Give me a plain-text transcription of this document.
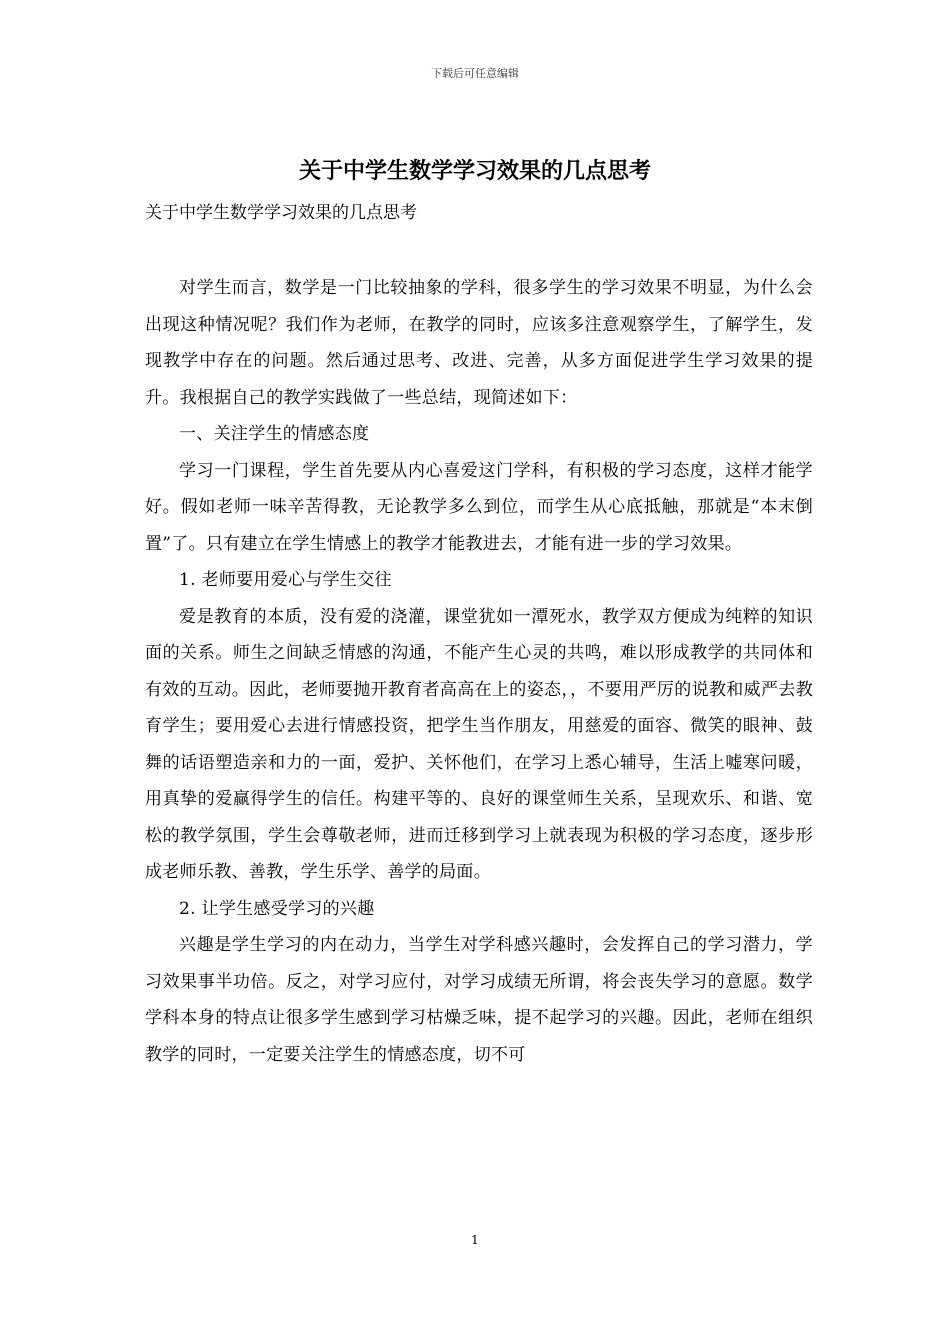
下载后可任意编辑
关于中学生数学学习效果的几点思考

关于中学生数学学习效果的几点思考

对学生而言，数学是一门比较抽象的学科，很多学生的学习效果不明显，为什么会出现这种情况呢？我们作为老师，在教学的同时，应该多注意观察学生，了解学生，发现教学中存在的问题。然后通过思考、改进、完善，从多方面促进学生学习效果的提升。我根据自己的教学实践做了一些总结，现简述如下：

一、关注学生的情感态度

学习一门课程，学生首先要从内心喜爱这门学科，有积极的学习态度，这样才能学好。假如老师一味辛苦得教，无论教学多么到位，而学生从心底抵触，那就是“本末倒置”了。只有建立在学生情感上的教学才能教进去，才能有进一步的学习效果。

1. 老师要用爱心与学生交往

爱是教育的本质，没有爱的浇灌，课堂犹如一潭死水，教学双方便成为纯粹的知识面的关系。师生之间缺乏情感的沟通，不能产生心灵的共鸣，难以形成教学的共同体和有效的互动。因此，老师要抛开教育者高高在上的姿态，，不要用严厉的说教和威严去教育学生；要用爱心去进行情感投资，把学生当作朋友，用慈爱的面容、微笑的眼神、鼓舞的话语塑造亲和力的一面，爱护、关怀他们，在学习上悉心辅导，生活上嘘寒问暖，用真挚的爱赢得学生的信任。构建平等的、良好的课堂师生关系，呈现欢乐、和谐、宽松的教学氛围，学生会尊敬老师，进而迁移到学习上就表现为积极的学习态度，逐步形成老师乐教、善教，学生乐学、善学的局面。

2. 让学生感受学习的兴趣

兴趣是学生学习的内在动力，当学生对学科感兴趣时，会发挥自己的学习潜力，学习效果事半功倍。反之，对学习应付，对学习成绩无所谓，将会丧失学习的意愿。数学学科本身的特点让很多学生感到学习枯燥乏味，提不起学习的兴趣。因此，老师在组织教学的同时，一定要关注学生的情感态度，切不可

1
